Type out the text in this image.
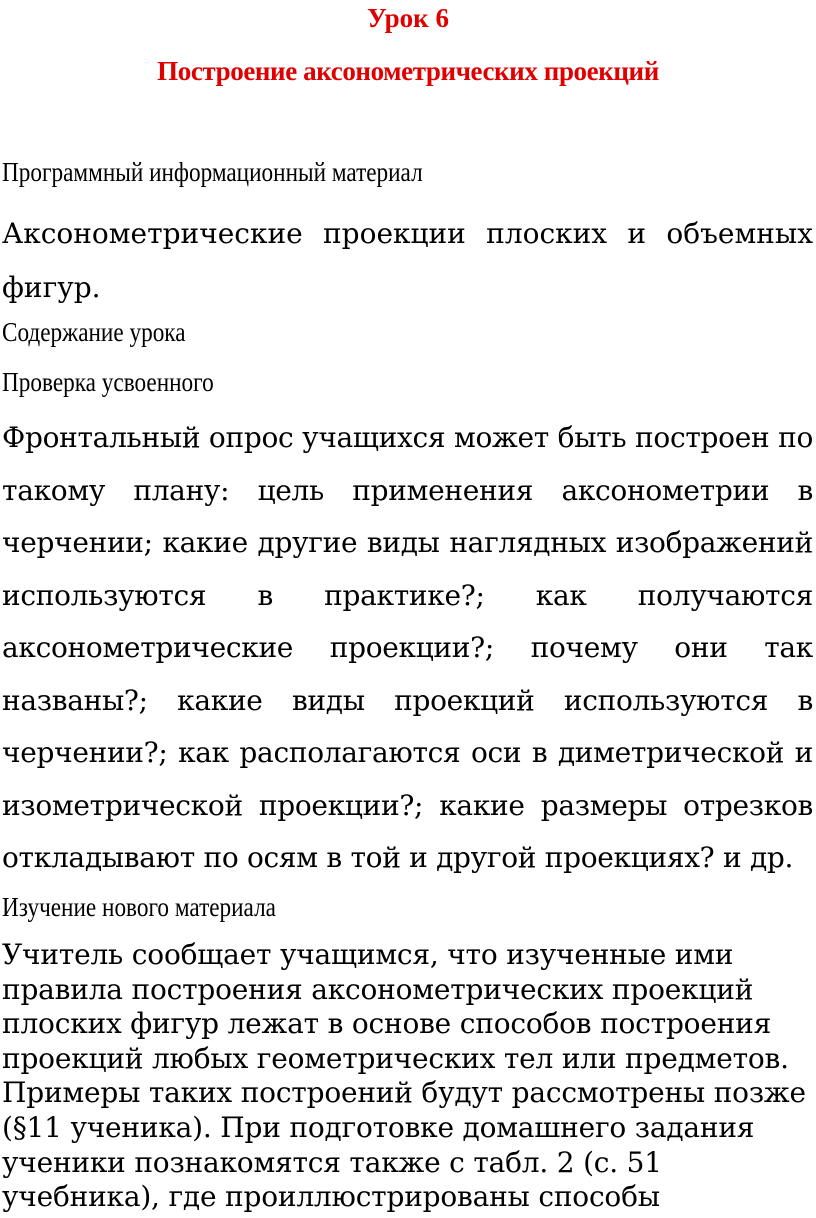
Урок 6
Построение аксонометрических проекций

Программный информационный материал

Аксонометрические проекции плоских и объемных фигур.

Содержание урока

Проверка усвоенного

Фронтальный опрос учащихся может быть построен по такому плану: цель применения аксонометрии в черчении; какие другие виды наглядных изображений используются в практике?; как получаются аксонометрические проекции?; почему они так названы?; какие виды проекций используются в черчении?; как располагаются оси в диметрической и изометрической проекции?; какие размеры отрезков откладывают по осям в той и другой проекциях? и др.

Изучение нового материала

Учитель сообщает учащимся, что изученные ими правила построения аксонометрических проекций плоских фигур лежат в основе способов построения проекций любых геометрических тел или предметов. Примеры таких построений будут рассмотрены позже (§11 ученика). При подготовке домашнего задания ученики познакомятся также с табл. 2 (с. 51 учебника), где проиллюстрированы способы
